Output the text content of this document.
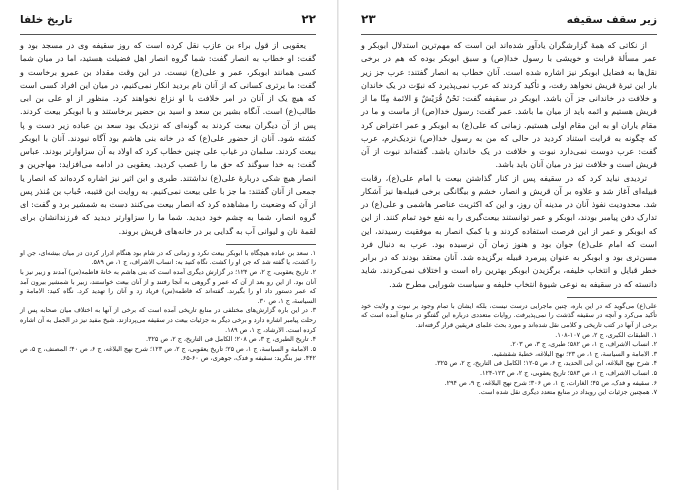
۲۲
تاریخ خلفا

یعقوبی از قول براء بن عازب نقل کرده است که روز سقیفه وی در مسجد بود و گفت: او خطاب به انصار گفت: شما گروه انصار اهل فضیلت هستید، اما در میان شما کسی همانند ابوبکر، عمر و علی(ع) نیست. در این وقت مقداد بن عمرو برخاست و گفت: ما برتری کسانی که از آنان نام بردید انکار نمی‌کنیم، در میان این افراد کسی است که هیچ یک از آنان در امر خلافت با او نزاع نخواهند کرد. منظور از او علی بن ابی طالب(ع) است. آنگاه بشیر بن سعد و اسید بن حضیر برخاستند و با ابوبکر بیعت کردند. پس از آن دیگران بیعت کردند به گونه‌ای که نزدیک بود سعد بن عباده زیر دست و پا کشته شود. آنان از حضور علی(ع) که در خانه بنی هاشم بود آگاه نبودند. آنان با ابوبکر بیعت کردند. سلمان در غیاب علی چنین خطاب کرد که اولاد به آن سزاوارتر بودند. عباس گفت: به خدا سوگند که حق ما را غصب کردید. یعقوبی در ادامه می‌افزاید: مهاجرین و انصار هیچ شکی دربارهٔ علی(ع) نداشتند. طبری و ابن اثیر نیز اشاره کرده‌اند که انصار یا جمعی از آنان گفتند: ما جز با علی بیعت نمی‌کنیم. به روایت ابن قتیبه، حُباب بن مُنذر پس از آن که وضعیت را مشاهده کرد که انصار بیعت می‌کنند دست به شمشیر برد و گفت: ای گروه انصار، شما به چشم خود دیدید. شما ما را سزاوارتر دیدید که فرزندانشان برای لقمهٔ نان و لیوانی آب به گدایی بر در خانه‌های قریش بروند.

۱. سعد بن عباده هیچگاه با ابوبکر بیعت نکرد و زمانی که در شام بود هنگام ادرار کردن در میان بیشه‌ای، جن او را کشت، یا گفته شد که جن او را کشت. نگاه کنید به: انساب الاشراف، ج ۱، ص ۵۸۹.

۲. تاریخ یعقوبی، ج ۲، ص ۱۲۴؛ در گزارش دیگری آمده است که بنی هاشم به خانهٔ فاطمه(س) آمدند و زبیر نیز با آنان بود. از این رو بعد از آن که عمر و گروهی به آنجا رفتند و از آنان بیعت خواستند، زبیر با شمشیر بیرون آمد که عمر دستور داد او را بگیرند. گفته‌اند که فاطمه(س) فریاد زد و آنان را تهدید کرد. نگاه کنید: الامامة و السیاسة، ج ۱، ص ۳۰.

۳. در این باره گزارش‌های مختلفی در منابع تاریخی آمده است که برخی از آنها به اختلاف میان صحابه پس از رحلت پیامبر اشاره دارد و برخی دیگر به جزئیات بیعت در سقیفه می‌پردازند. شیخ مفید نیز در الجمل به آن اشاره کرده است. الارشاد، ج ۱، ص ۱۸۹.

۴. تاریخ الطبری، ج ۳، ص ۲۰۸؛ الکامل فی التاریخ، ج ۲، ص ۳۲۵.

۵. الامامة و السیاسة، ج ۱، ص ۲۵؛ تاریخ یعقوبی، ج ۲، ص ۱۲۳؛ شرح نهج البلاغه، ج ۶، ص ۴۰؛ المصنف، ج ۵، ص ۴۴۲. نیز بنگرید: سقیفه و فدک، جوهری، ص ۶۰-۶۵.

زیر سقف سقیفه
۲۳

از نکاتی که همهٔ گزارشگران یادآور شده‌اند این است که مهم‌ترین استدلال ابوبکر و عمر مسألهٔ قرابت و خویشی با رسول خدا(ص) و سبق ابوبکر بوده که هم در برخی نقل‌ها به فضایل ابوبکر نیز اشاره شده است. آنان خطاب به انصار گفتند: عرب جز زیر بار این تیرهٔ قریش نخواهد رفت، و تأکید کردند که عرب نمی‌پذیرد که نبوّت در یک خاندان و خلافت در خاندانی جز آن باشد. ابوبکر در سقیفه گفت: نَحْنُ قُرَیْشٌ وَ الائمة مِنّا ما از قریش هستیم و ائمه باید از میان ما باشد. عمر گفت: رسول خدا(ص) از ماست و ما در مقام یاران او به این مقام اولی هستیم. زمانی که علی(ع) به ابوبکر و عمر اعتراض کرد که چگونه به قرابت استناد کردید در حالی که من به رسول خدا(ص) نزدیک‌ترم، عرب گفت: عرب دوست نمی‌دارد نبوت و خلافت در یک خاندان باشد. گفته‌اند نبوت از آن قریش است و خلافت نیز در میان آنان باید باشد.

تردیدی نباید کرد که در سقیفه پس از کنار گذاشتن بیعت با امام علی(ع)، رقابت قبیله‌ای آغاز شد و علاوه بر آن قریش و انصار، خشم و بیگانگی برخی قبیله‌ها نیز آشکار شد. محدودیت نفوذ آنان در مدینه آن روز، و این که اکثریت عناصر هاشمی و علی(ع) در تدارک دفن پیامبر بودند، ابوبکر و عمر توانستند بیعت‌گیری را به نفع خود تمام کنند. از این که ابوبکر و عمر از این فرصت استفاده کردند و با کمک انصار به موفقیت رسیدند، این است که امام علی(ع) جوان بود و هنوز زمان آن نرسیده بود. عرب به دنبال فرد مسن‌تری بود و ابوبکر به عنوان پیرمرد قبیله برگزیده شد. آنان معتقد بودند که در برابر خطر قبایل و انتخاب خلیفه، برگزیدن ابوبکر بهترین راه است و اختلاف نمی‌کردند. شاید دانسته که در سقیفه به نوعی شیوهٔ انتخاب خلیفه و سیاست شورایی مطرح شد.

علی(ع) می‌گوید که در این باره، چنین ماجرایی درست نیست، بلکه ایشان با تمام وجود بر نبوت و ولایت خود تأکید می‌کرد و آنچه در سقیفه گذشت را نمی‌پذیرفت. روایات متعددی درباره این گفتگو در منابع آمده است که برخی از آنها در کتب تاریخی و کلامی نقل شده‌اند و مورد بحث علمای فریقین قرار گرفته‌اند.

۱. الطبقات الکبری، ج ۲، ص ۱۰۷-۱۰۸.

۲. انساب الاشراف، ج ۱، ص ۵۸۲؛ طبری، ج ۳، ص ۲۰۳.

۳. الامامة و السیاسة، ج ۱، ص ۲۳؛ نهج البلاغه، خطبهٔ شقشقیه.

۴. شرح نهج البلاغه، ابن ابی الحدید، ج ۶، ص ۵-۱۲؛ الکامل فی التاریخ، ج ۲، ص ۳۲۵.

۵. انساب الاشراف، ج ۱، ص ۵۸۳؛ تاریخ یعقوبی، ج ۲، ص ۱۲۳-۱۲۴.

۶. سقیفه و فدک، ص ۴۵؛ الغارات، ج ۱، ص ۳۰۶؛ شرح نهج البلاغه، ج ۹، ص ۲۹۴.

۷. همچنین جزئیات این رویداد در منابع متعدد دیگری نقل شده است.
